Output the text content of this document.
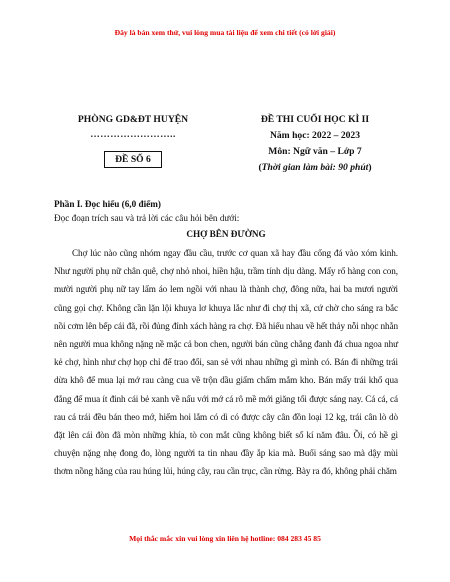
Đây là bản xem thử, vui lòng mua tài liệu để xem chi tiết (có lời giải)
PHÒNG GD&ĐT HUYỆN
……………………..
ĐỀ SỐ 6
ĐỀ THI CUỐI HỌC KÌ II
Năm học: 2022 – 2023
Môn: Ngữ văn – Lớp 7
(Thời gian làm bài: 90 phút)
Phần I. Đọc hiểu (6,0 điểm)
Đọc đoạn trích sau và trả lời các câu hỏi bên dưới:
CHỢ BÊN ĐƯỜNG
Chợ lúc nào cũng nhóm ngay đầu cầu, trước cơ quan xã hay đầu cổng đá vào xóm kinh. Như người phụ nữ chân quê, chợ nhỏ nhoi, hiền hậu, trầm tính dịu dàng. Mấy rổ hàng con con, mười người phụ nữ tay lấm áo lem ngồi với nhau là thành chợ, đông nữa, hai ba mươi người cũng gọi chợ. Không cần lặn lội khuya lơ khuya lắc như đi chợ thị xã, cứ chờ cho sáng ra bắc nồi cơm lên bếp cái đã, rồi đủng đỉnh xách hàng ra chợ. Đã hiểu nhau về hết thảy nỗi nhọc nhằn nên người mua không nặng nề mặc cả bon chen, người bán cũng chẳng đanh đá chua ngoa như kẻ chợ, hình như chợ họp chỉ để trao đổi, san sẻ với nhau những gì mình có. Bán đi những trái dừa khô để mua lại mớ rau càng cua về trộn dầu giấm chấm mắm kho. Bán mấy trái khổ qua đắng để mua ít đinh cái bẻ xanh về nấu với mớ cá rô mề mới giăng tối được sáng nay. Cá cá, cá rau cá trái đều bán theo mớ, hiếm hoi lắm có dì có được cây cân đồn loại 12 kg, trái cân lò dò đặt lên cái đòn đã mòn những khía, tò con mắt cũng không biết số kí năm đâu. Ồi, có hề gì chuyện nặng nhẹ đong đo, lòng người ta tin nhau đầy ắp kia mà. Buổi sáng sao mà dậy mùi thơm nồng hăng của rau húng lủi, húng cây, rau cần trục, cần rừng. Bày ra đó, không phải chăm
Mọi thắc mắc xin vui lòng xin liên hệ hotline: 084 283 45 85
